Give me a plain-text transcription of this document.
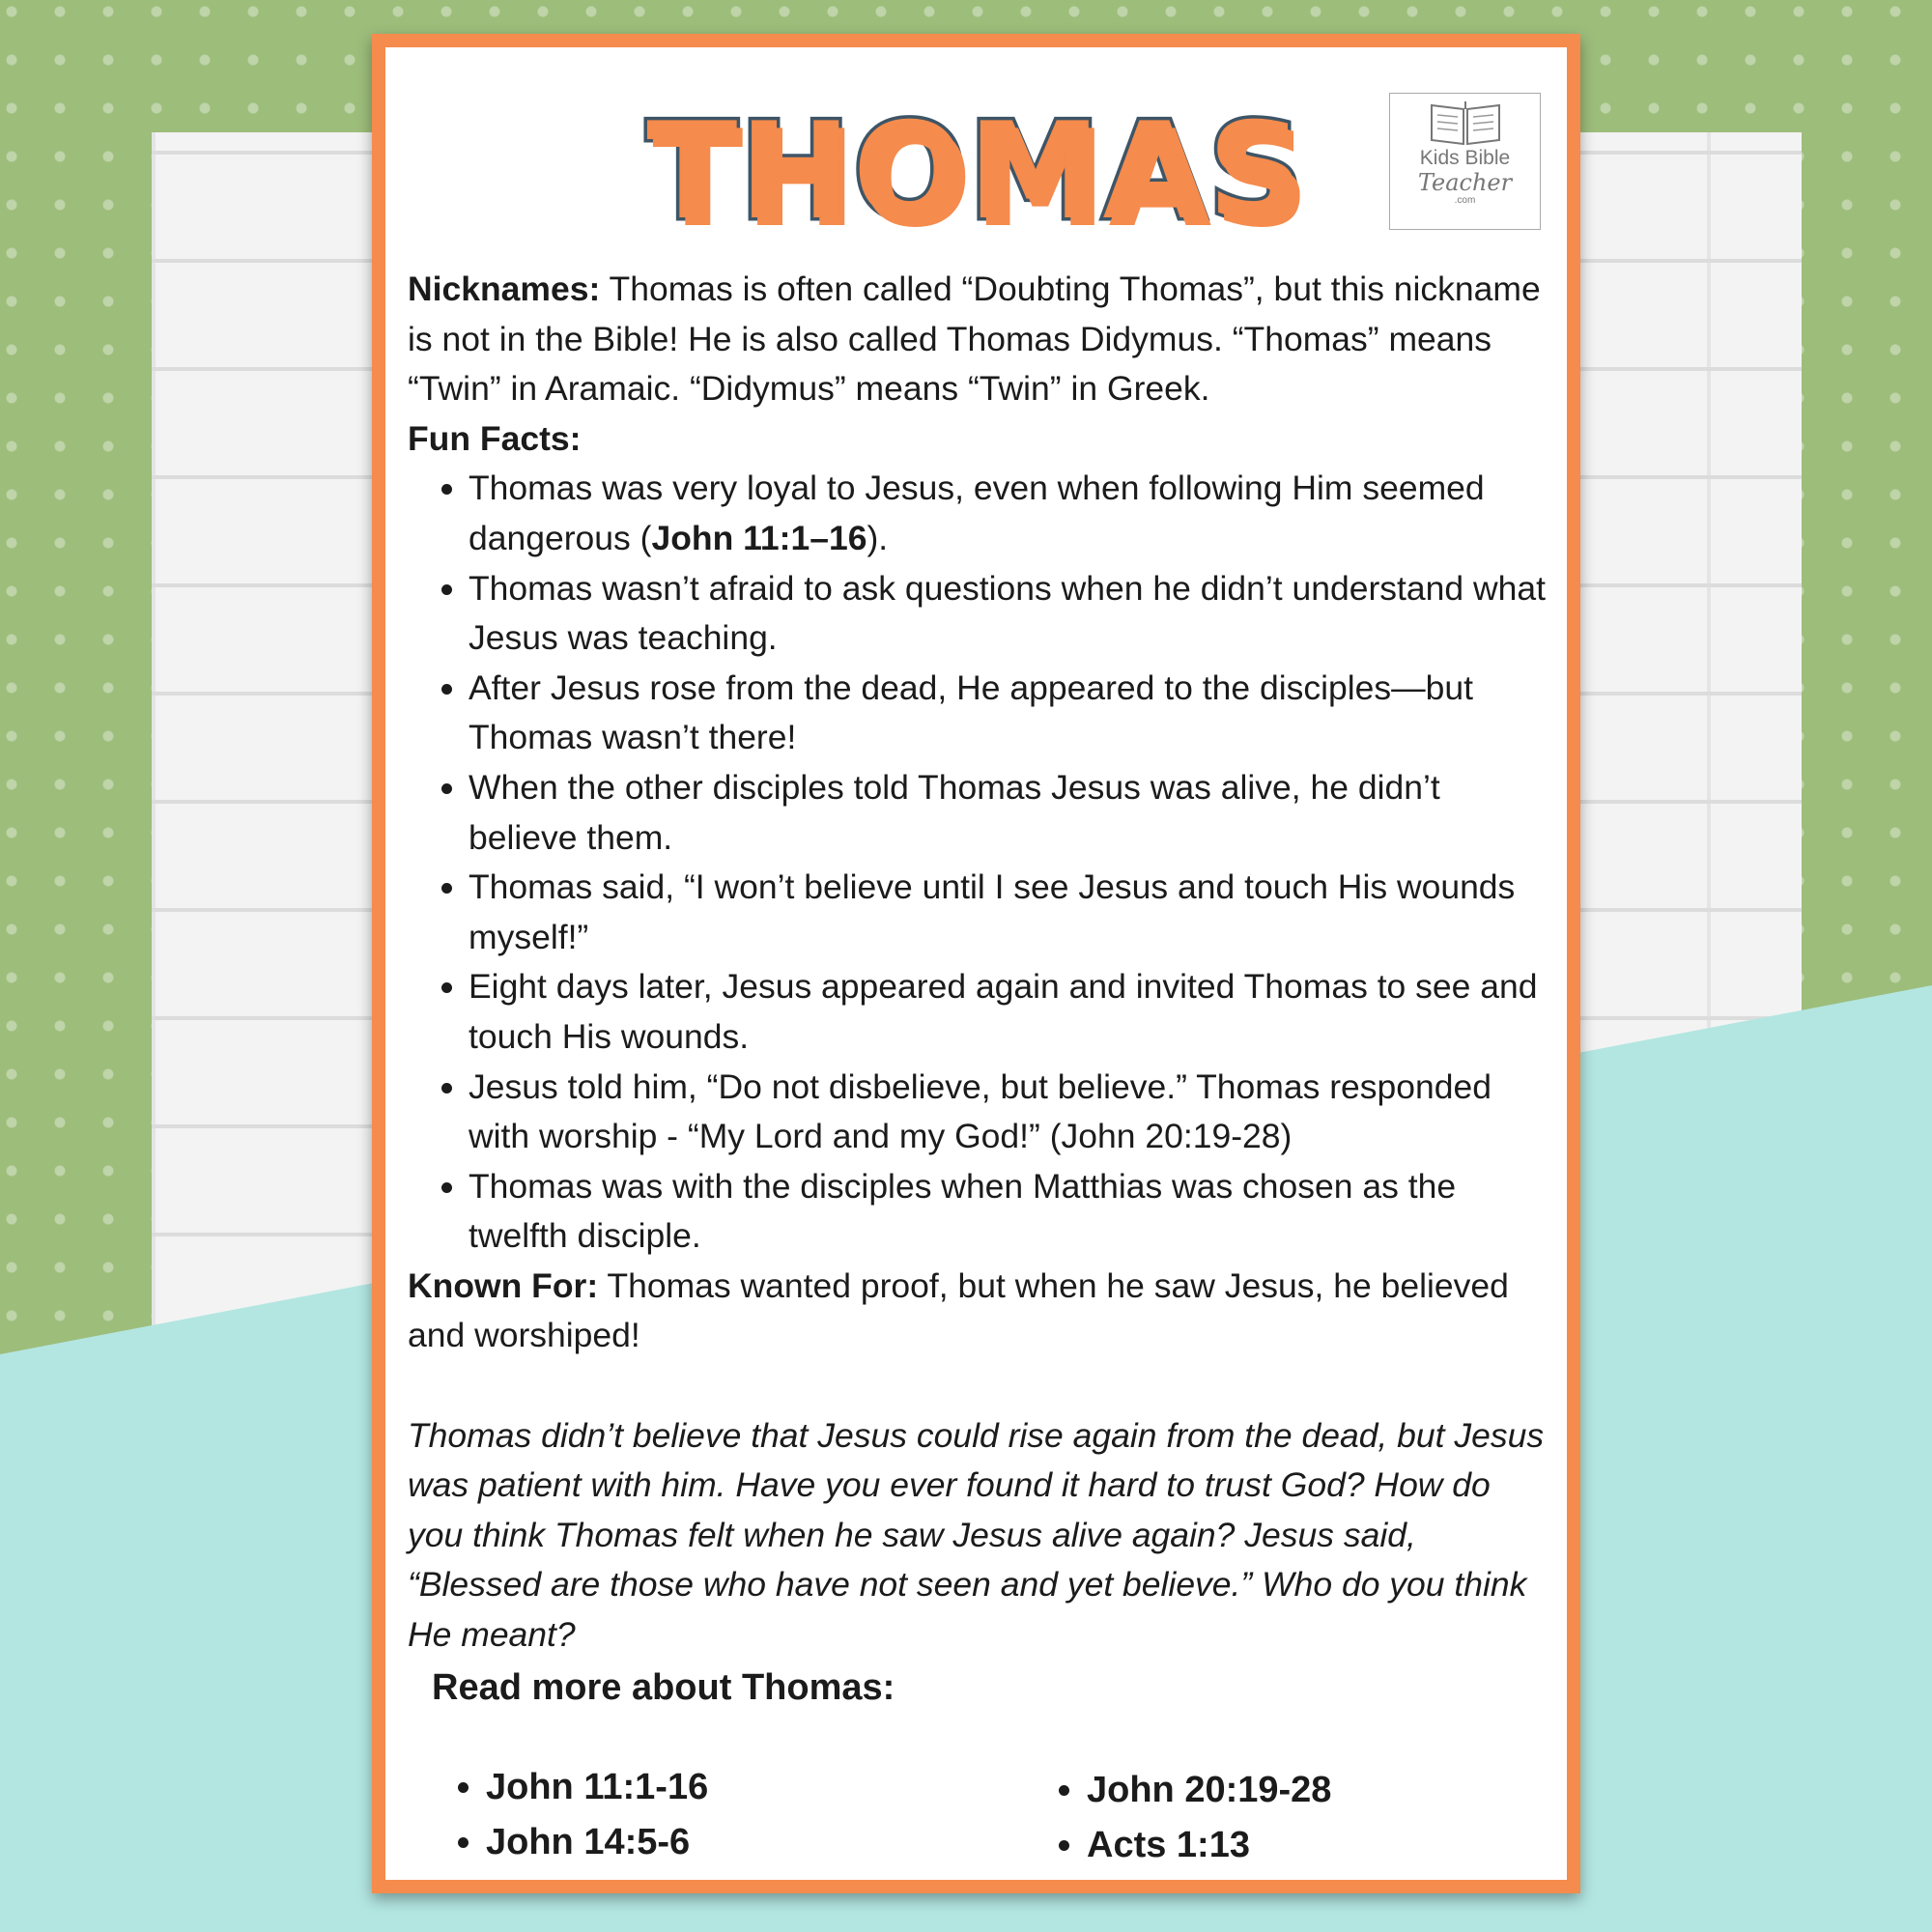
THOMAS	Kids Bible
Teacher
.com

Nicknames: Thomas is often called “Doubting Thomas”, but this nickname is not in the Bible! He is also called Thomas Didymus. “Thomas” means “Twin” in Aramaic. “Didymus” means “Twin” in Greek.

Fun Facts:

• Thomas was very loyal to Jesus, even when following Him seemed dangerous (John 11:1–16).
• Thomas wasn’t afraid to ask questions when he didn’t understand what Jesus was teaching.
• After Jesus rose from the dead, He appeared to the disciples—but Thomas wasn’t there!
• When the other disciples told Thomas Jesus was alive, he didn’t believe them.
• Thomas said, “I won’t believe until I see Jesus and touch His wounds myself!”
• Eight days later, Jesus appeared again and invited Thomas to see and touch His wounds.
• Jesus told him, “Do not disbelieve, but believe.” Thomas responded with worship - “My Lord and my God!” (John 20:19-28)
• Thomas was with the disciples when Matthias was chosen as the twelfth disciple.

Known For: Thomas wanted proof, but when he saw Jesus, he believed and worshiped!

Thomas didn’t believe that Jesus could rise again from the dead, but Jesus was patient with him. Have you ever found it hard to trust God? How do you think Thomas felt when he saw Jesus alive again? Jesus said, “Blessed are those who have not seen and yet believe.” Who do you think He meant?

Read more about Thomas:
• John 11:1-16
• John 14:5-6
• John 20:19-28
• Acts 1:13
